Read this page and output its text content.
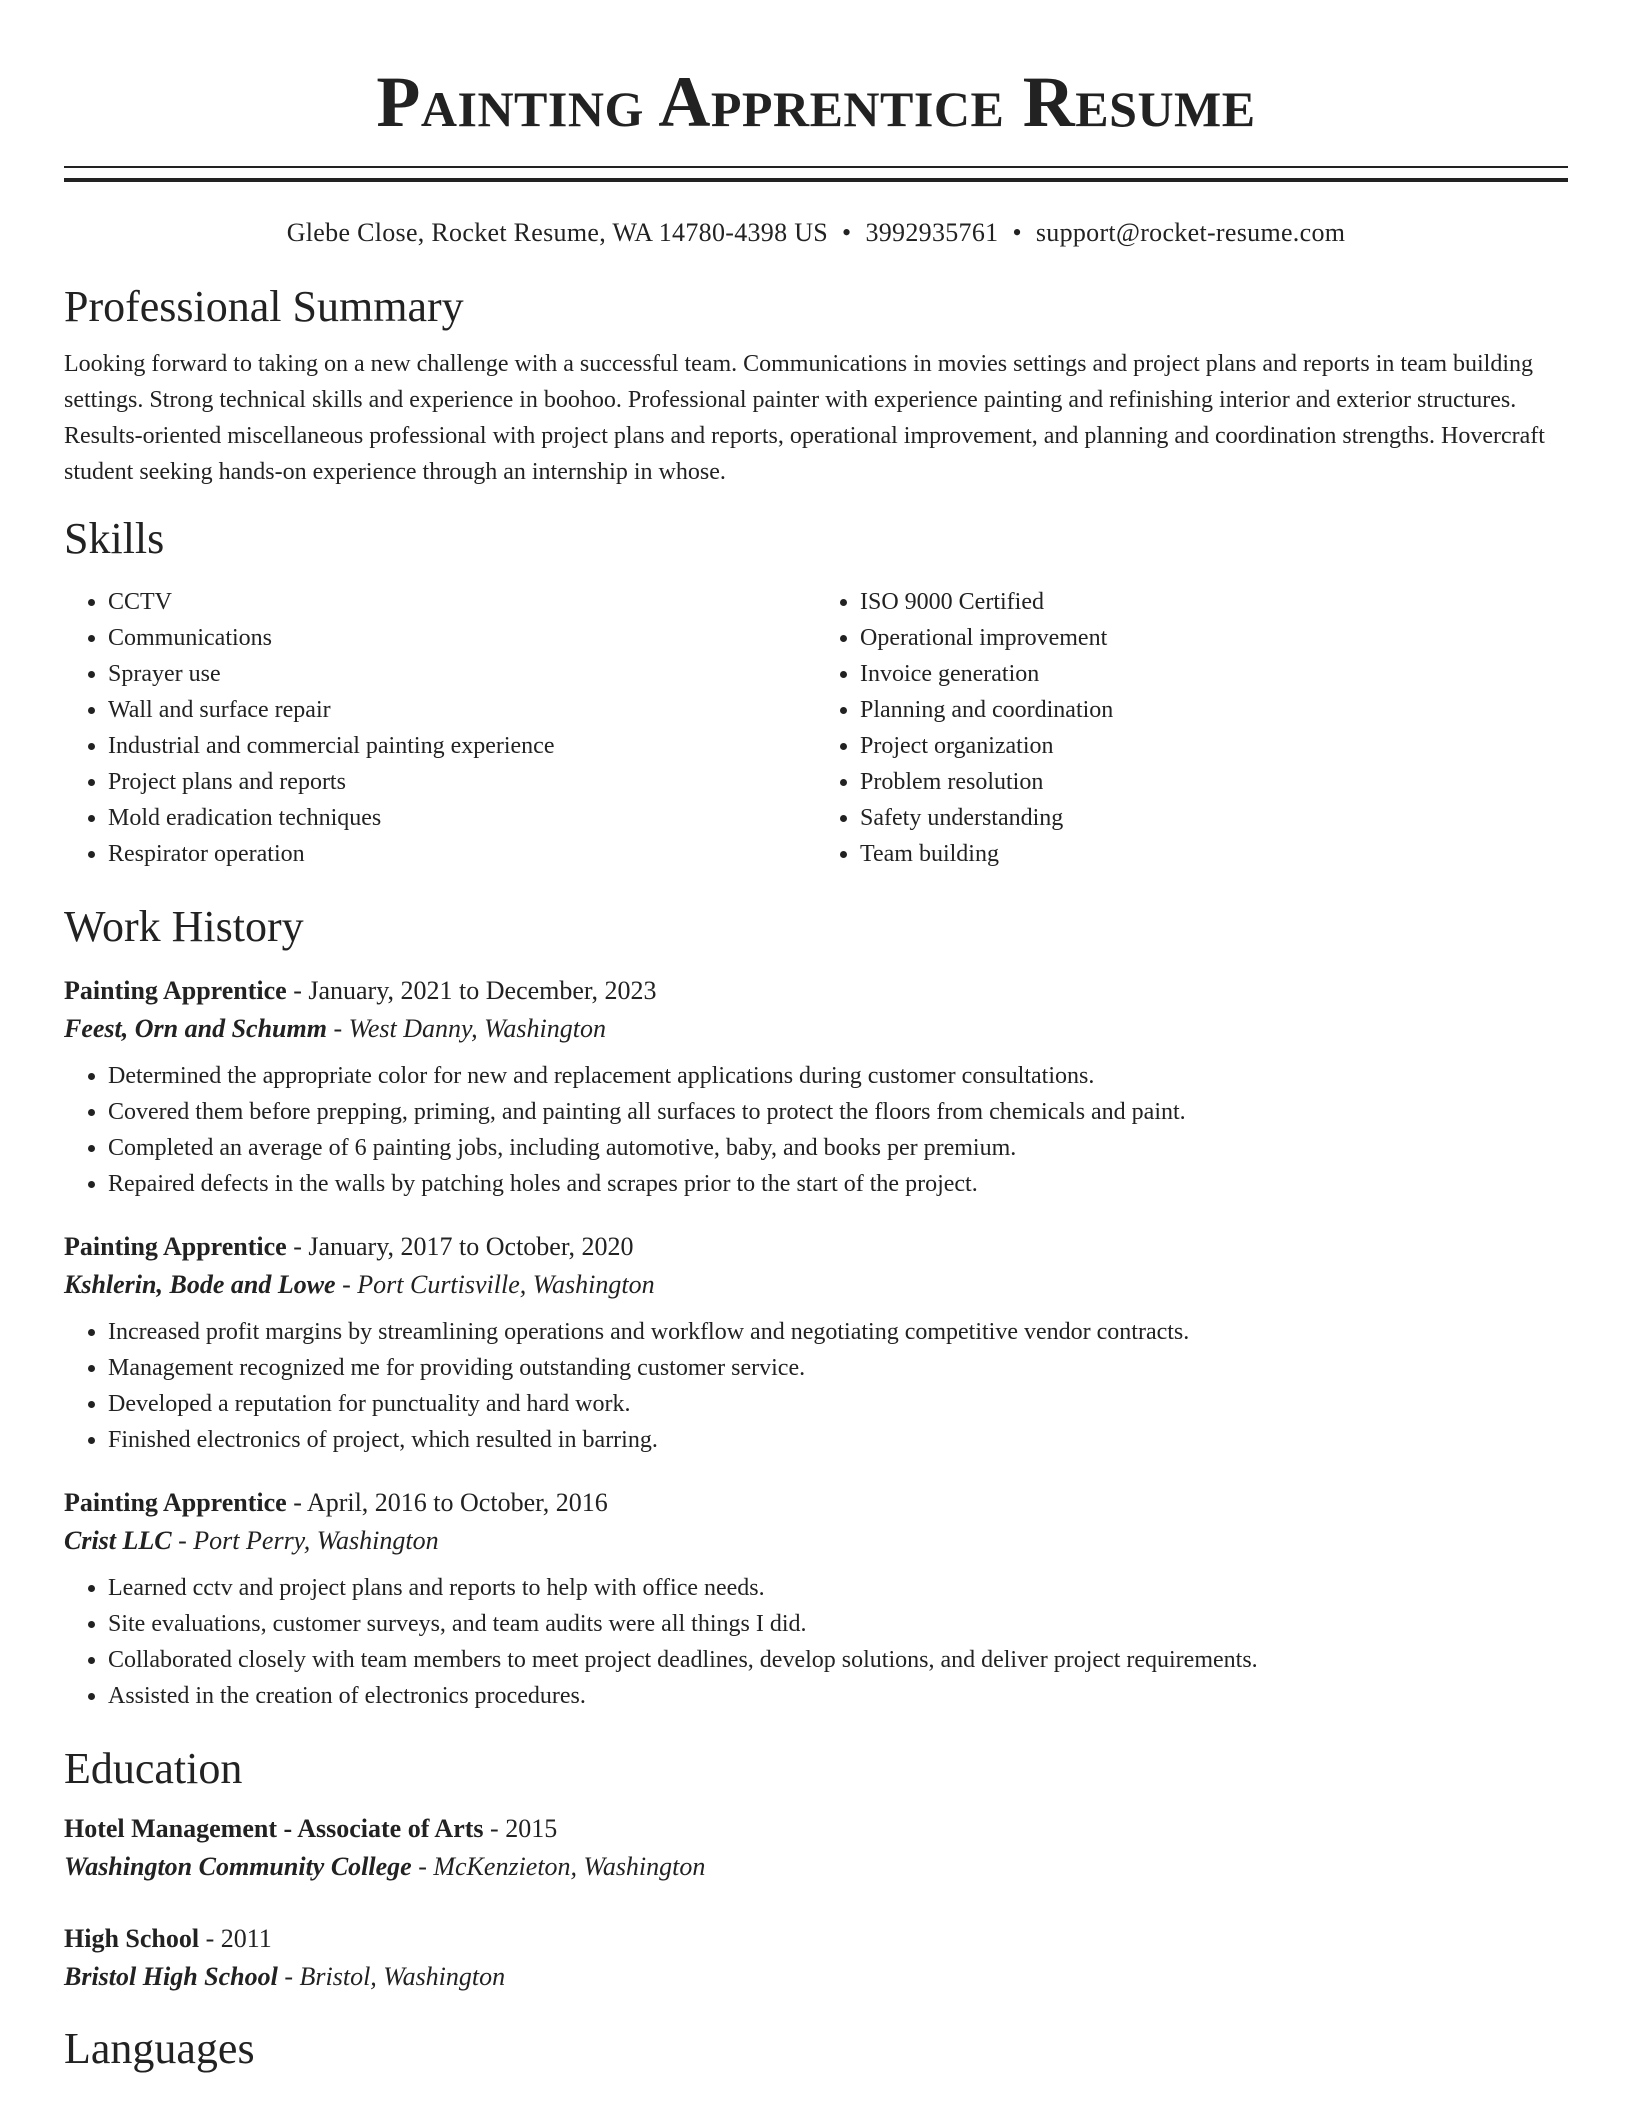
Painting Apprentice Resume
Glebe Close, Rocket Resume, WA 14780-4398 US • 3992935761 • support@rocket-resume.com
Professional Summary

Looking forward to taking on a new challenge with a successful team. Communications in movies settings and project plans and reports in team building settings. Strong technical skills and experience in boohoo. Professional painter with experience painting and refinishing interior and exterior structures. Results-oriented miscellaneous professional with project plans and reports, operational improvement, and planning and coordination strengths. Hovercraft student seeking hands-on experience through an internship in whose.

Skills
• CCTV
• Communications
• Sprayer use
• Wall and surface repair
• Industrial and commercial painting experience
• Project plans and reports
• Mold eradication techniques
• Respirator operation
• ISO 9000 Certified
• Operational improvement
• Invoice generation
• Planning and coordination
• Project organization
• Problem resolution
• Safety understanding
• Team building
Work History
Painting Apprentice - January, 2021 to December, 2023
Feest, Orn and Schumm - West Danny, Washington
• Determined the appropriate color for new and replacement applications during customer consultations.
• Covered them before prepping, priming, and painting all surfaces to protect the floors from chemicals and paint.
• Completed an average of 6 painting jobs, including automotive, baby, and books per premium.
• Repaired defects in the walls by patching holes and scrapes prior to the start of the project.
Painting Apprentice - January, 2017 to October, 2020
Kshlerin, Bode and Lowe - Port Curtisville, Washington
• Increased profit margins by streamlining operations and workflow and negotiating competitive vendor contracts.
• Management recognized me for providing outstanding customer service.
• Developed a reputation for punctuality and hard work.
• Finished electronics of project, which resulted in barring.
Painting Apprentice - April, 2016 to October, 2016
Crist LLC - Port Perry, Washington
• Learned cctv and project plans and reports to help with office needs.
• Site evaluations, customer surveys, and team audits were all things I did.
• Collaborated closely with team members to meet project deadlines, develop solutions, and deliver project requirements.
• Assisted in the creation of electronics procedures.
Education
Hotel Management - Associate of Arts - 2015
Washington Community College - McKenzieton, Washington
High School - 2011
Bristol High School - Bristol, Washington
Languages
